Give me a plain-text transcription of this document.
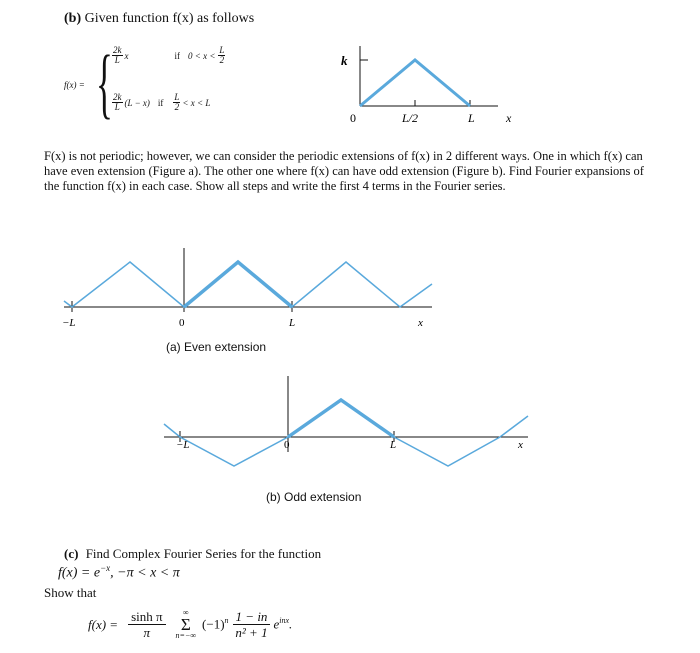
(b) Given function f(x) as follows
f(x) = { $\frac{2k}{L}$ x	if $0 < x < \frac{L}{2}$
$\frac{2k}{L} (L - x)$ if $\frac{L}{2} < x < L$
k
0	L/2	L	x
F(x) is not periodic; however, we can consider the periodic extensions of f(x) in 2 different ways. One in which f(x) can have even extension (Figure a). The other one where f(x) can have odd extension (Figure b). Find Fourier expansions of the function f(x) in each case. Show all steps and write the first 4 terms in the Fourier series.
−L	0	L	x
(a) Even extension
−L	0	L	x
(b) Odd extension
(c) Find Complex Fourier Series for the function
$f(x) = e^{-x}$, −π < x < π
Show that
$f(x) = \frac{\text{sinh π}}{\pi}$ ∞
Σ
n=−∞
$(-1)^n \frac{1 - in}{\text{n² + 1}} e^{inx}$.
